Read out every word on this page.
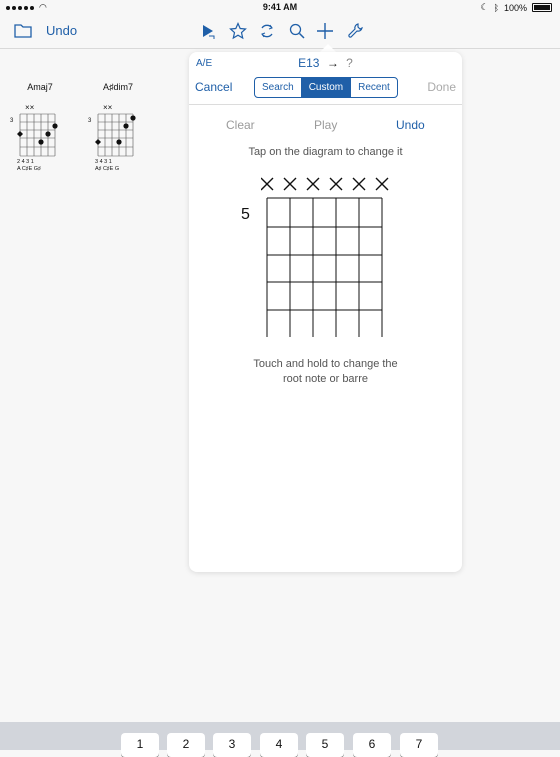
◠	9:41 AM	☾ ᛒ 100%
Undo
Amaj7
××
3
2 4 3 1
A C♯E G♯
A♯dim7
××
3
3 4 3 1
A♯ C♯E G
A/E	E13 → ?
Cancel	Search	Custom	Recent	Done
Clear	Play	Undo
Tap on the diagram to change it
5
Touch and hold to change the
root note or barre
1	2	3	4	5	6	7
